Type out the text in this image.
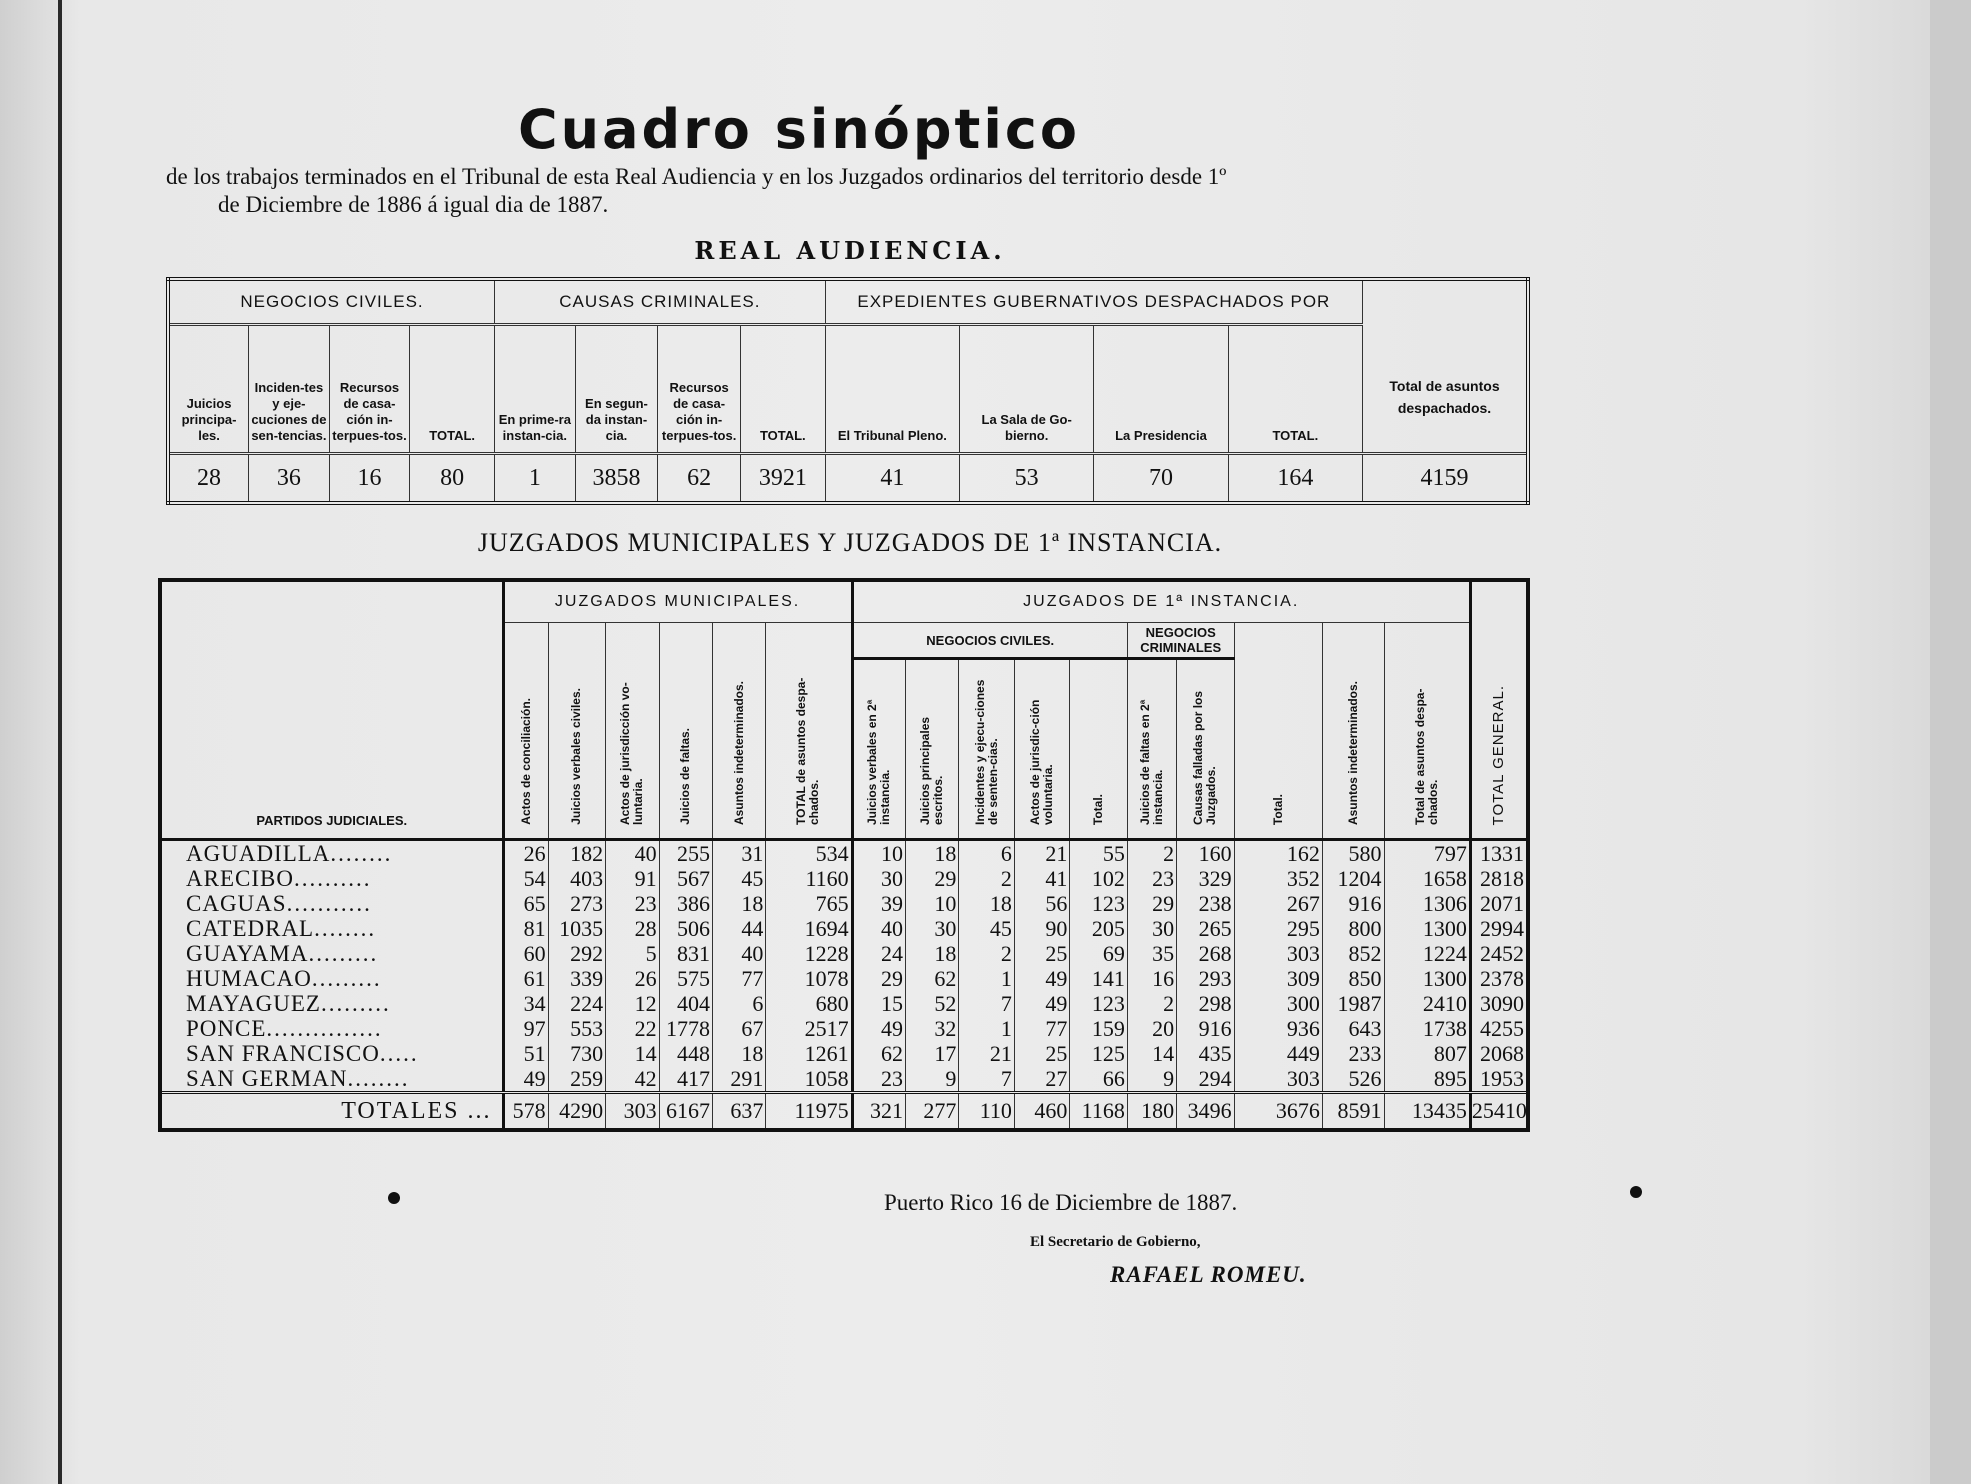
Cuadro sinóptico
de los trabajos terminados en el Tribunal de esta Real Audiencia y en los Juzgados ordinarios del territorio desde 1º
de Diciembre de 1886 á igual dia de 1887.
REAL AUDIENCIA.
NEGOCIOS CIVILES.				CAUSAS CRIMINALES.				EXPEDIENTES GUBERNATIVOS DESPACHADOS POR				Total de asuntos despachados.
Juicios principa-les.	Inciden-tes y eje-cuciones de sen-tencias.	Recursos de casa-ción in-terpues-tos.	TOTAL.	En prime-ra instan-cia.	En segun-da instan-cia.	Recursos de casa-ción in-terpues-tos.	TOTAL.	El Tribunal Pleno.	La Sala de Go-bierno.	La Presidencia	TOTAL.	
28	36	16	80	1	3858	62	3921	41	53	70	164	4159
JUZGADOS MUNICIPALES Y JUZGADOS DE 1ª INSTANCIA.
PARTIDOS JUDICIALES.	JUZGADOS MUNICIPALES.						JUZGADOS DE 1ª INSTANCIA.										TOTAL GENERAL.
	Actos de conciliación.	Juicios verbales civiles.	Actos de jurisdicción vo-luntaria.	Juicios de faltas.	Asuntos indeterminados.	TOTAL de asuntos despa-chados.	NEGOCIOS CIVILES.					NEGOCIOS CRIMINALES		Total.	Asuntos indeterminados.	Total de asuntos despa-chados.	
							Juicios verbales en 2ª instancia.	Juicios principales escritos.	Incidentes y ejecu-ciones de senten-cias.	Actos de jurisdic-ción voluntaria.	Total.	Juicios de faltas en 2ª instancia.	Causas falladas por los Juzgados.				
AGUADILLA........	26	182	40	255	31	534	10	18	6	21	55	2	160	162	580	797	1331
ARECIBO..........	54	403	91	567	45	1160	30	29	2	41	102	23	329	352	1204	1658	2818
CAGUAS...........	65	273	23	386	18	765	39	10	18	56	123	29	238	267	916	1306	2071
CATEDRAL........	81	1035	28	506	44	1694	40	30	45	90	205	30	265	295	800	1300	2994
GUAYAMA.........	60	292	5	831	40	1228	24	18	2	25	69	35	268	303	852	1224	2452
HUMACAO.........	61	339	26	575	77	1078	29	62	1	49	141	16	293	309	850	1300	2378
MAYAGUEZ.........	34	224	12	404	6	680	15	52	7	49	123	2	298	300	1987	2410	3090
PONCE...............	97	553	22	1778	67	2517	49	32	1	77	159	20	916	936	643	1738	4255
SAN FRANCISCO.....	51	730	14	448	18	1261	62	17	21	25	125	14	435	449	233	807	2068
SAN GERMAN........	49	259	42	417	291	1058	23	9	7	27	66	9	294	303	526	895	1953
TOTALES ...	578	4290	303	6167	637	11975	321	277	110	460	1168	180	3496	3676	8591	13435	25410
Puerto Rico 16 de Diciembre de 1887.
El Secretario de Gobierno,
RAFAEL ROMEU.
